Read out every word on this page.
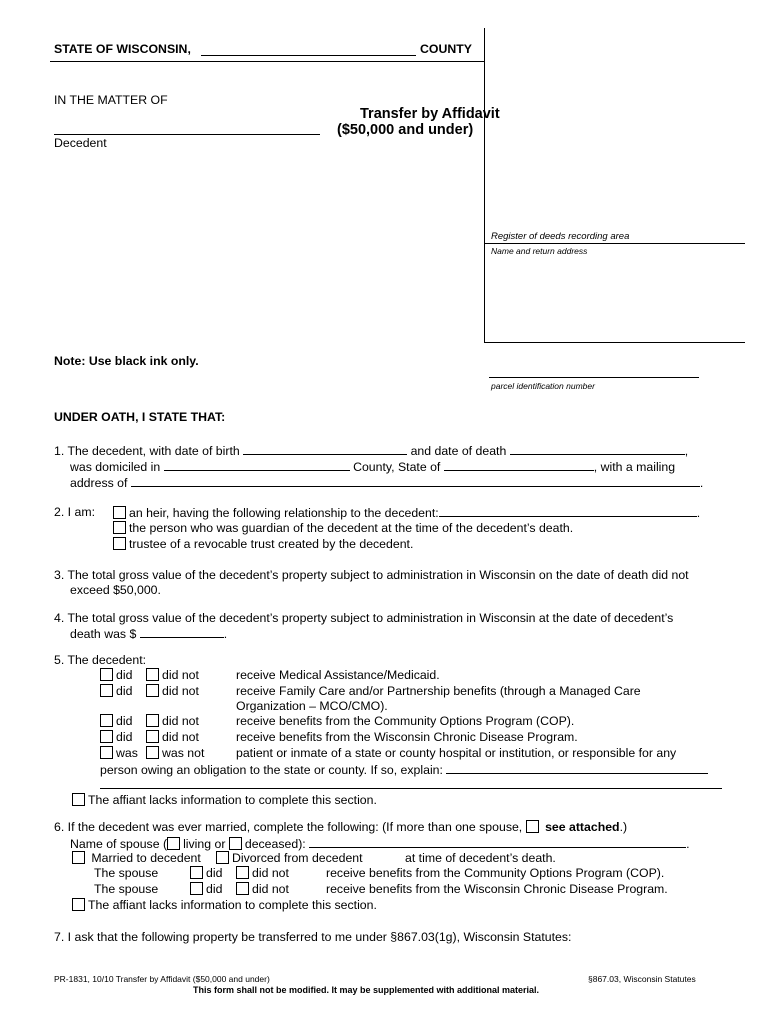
STATE OF WISCONSIN,	COUNTY
IN THE MATTER OF
Transfer by Affidavit
($50,000 and under)
Decedent
Register of deeds recording area
Name and return address
Note: Use black ink only.
parcel identification number
UNDER OATH, I STATE THAT:
1. The decedent, with date of birth	and date of death	,
was domiciled in	County, State of	, with a mailing
address of	.
2. I am:	an heir, having the following relationship to the decedent:	.
the person who was guardian of the decedent at the time of the decedent’s death.
trustee of a revocable trust created by the decedent.
3. The total gross value of the decedent’s property subject to administration in Wisconsin on the date of death did not
exceed $50,000.
4. The total gross value of the decedent’s property subject to administration in Wisconsin at the date of decedent’s
death was $	.
5. The decedent:
did	did not	receive Medical Assistance/Medicaid.
did	did not	receive Family Care and/or Partnership benefits (through a Managed Care
Organization – MCO/CMO).
did	did not	receive benefits from the Community Options Program (COP).
did	did not	receive benefits from the Wisconsin Chronic Disease Program.
was	was not	patient or inmate of a state or county hospital or institution, or responsible for any
person owing an obligation to the state or county. If so, explain:
The affiant lacks information to complete this section.
6. If the decedent was ever married, complete the following: (If more than one spouse, see attached.)
Name of spouse ( living or deceased):	.
Married to decedent	Divorced from decedent	at time of decedent’s death.
The spouse	did	did not	receive benefits from the Community Options Program (COP).
The spouse	did	did not	receive benefits from the Wisconsin Chronic Disease Program.
The affiant lacks information to complete this section.
7. I ask that the following property be transferred to me under §867.03(1g), Wisconsin Statutes:
PR-1831, 10/10 Transfer by Affidavit ($50,000 and under)	§867.03, Wisconsin Statutes
This form shall not be modified. It may be supplemented with additional material.
